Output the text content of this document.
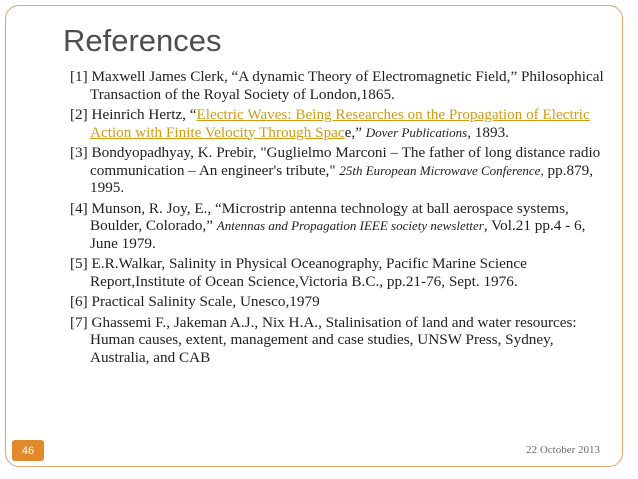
References
[1] Maxwell James Clerk, “A dynamic Theory of Electromagnetic Field,” Philosophical Transaction of the Royal Society of London,1865.
[2] Heinrich Hertz, “Electric Waves: Being Researches on the Propagation of Electric Action with Finite Velocity Through Space,” Dover Publications, 1893.
[3] Bondyopadhyay, K. Prebir, "Guglielmo Marconi – The father of long distance radio communication – An engineer's tribute," 25th European Microwave Conference, pp.879, 1995.
[4] Munson, R. Joy, E., “Microstrip antenna technology at ball aerospace systems, Boulder, Colorado,” Antennas and Propagation IEEE society newsletter, Vol.21 pp.4 - 6, June 1979.
[5] E.R.Walkar, Salinity in Physical Oceanography, Pacific Marine Science Report,Institute of Ocean Science,Victoria B.C., pp.21-76, Sept. 1976.
[6] Practical Salinity Scale, Unesco,1979
[7] Ghassemi F., Jakeman A.J., Nix H.A., Stalinisation of land and water resources: Human causes, extent, management and case studies, UNSW Press, Sydney, Australia, and CAB
46	22 October 2013
